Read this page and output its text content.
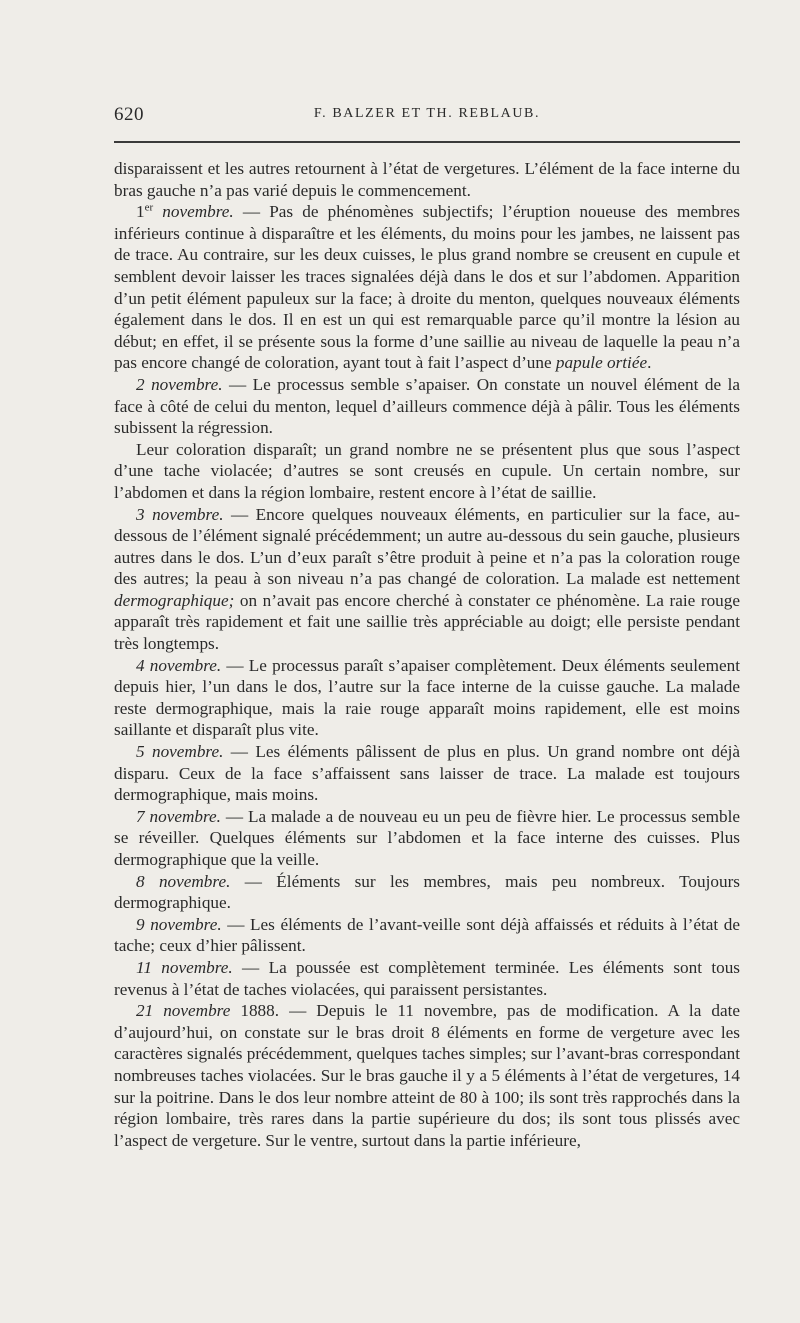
620	F. BALZER ET TH. REBLAUB.

disparaissent et les autres retournent à l’état de vergetures. L’élément de la face interne du bras gauche n’a pas varié depuis le commencement.

1er novembre. — Pas de phénomènes subjectifs; l’éruption noueuse des membres inférieurs continue à disparaître et les éléments, du moins pour les jambes, ne laissent pas de trace. Au contraire, sur les deux cuisses, le plus grand nombre se creusent en cupule et semblent devoir laisser les traces signalées déjà dans le dos et sur l’abdomen. Apparition d’un petit élément papuleux sur la face; à droite du menton, quelques nouveaux éléments également dans le dos. Il en est un qui est remarquable parce qu’il montre la lésion au début; en effet, il se présente sous la forme d’une saillie au niveau de laquelle la peau n’a pas encore changé de coloration, ayant tout à fait l’aspect d’une papule ortiée.

2 novembre. — Le processus semble s’apaiser. On constate un nouvel élément de la face à côté de celui du menton, lequel d’ailleurs commence déjà à pâlir. Tous les éléments subissent la régression.

Leur coloration disparaît; un grand nombre ne se présentent plus que sous l’aspect d’une tache violacée; d’autres se sont creusés en cupule. Un certain nombre, sur l’abdomen et dans la région lombaire, restent encore à l’état de saillie.

3 novembre. — Encore quelques nouveaux éléments, en particulier sur la face, au-dessous de l’élément signalé précédemment; un autre au-dessous du sein gauche, plusieurs autres dans le dos. L’un d’eux paraît s’être produit à peine et n’a pas la coloration rouge des autres; la peau à son niveau n’a pas changé de coloration. La malade est nettement dermographique; on n’avait pas encore cherché à constater ce phénomène. La raie rouge apparaît très rapidement et fait une saillie très appréciable au doigt; elle persiste pendant très longtemps.

4 novembre. — Le processus paraît s’apaiser complètement. Deux éléments seulement depuis hier, l’un dans le dos, l’autre sur la face interne de la cuisse gauche. La malade reste dermographique, mais la raie rouge apparaît moins rapidement, elle est moins saillante et disparaît plus vite.

5 novembre. — Les éléments pâlissent de plus en plus. Un grand nombre ont déjà disparu. Ceux de la face s’affaissent sans laisser de trace. La malade est toujours dermographique, mais moins.

7 novembre. — La malade a de nouveau eu un peu de fièvre hier. Le processus semble se réveiller. Quelques éléments sur l’abdomen et la face interne des cuisses. Plus dermographique que la veille.

8 novembre. — Éléments sur les membres, mais peu nombreux. Toujours dermographique.

9 novembre. — Les éléments de l’avant-veille sont déjà affaissés et réduits à l’état de tache; ceux d’hier pâlissent.

11 novembre. — La poussée est complètement terminée. Les éléments sont tous revenus à l’état de taches violacées, qui paraissent persistantes.

21 novembre 1888. — Depuis le 11 novembre, pas de modification. A la date d’aujourd’hui, on constate sur le bras droit 8 éléments en forme de vergeture avec les caractères signalés précédemment, quelques taches simples; sur l’avant-bras correspondant nombreuses taches violacées. Sur le bras gauche il y a 5 éléments à l’état de vergetures, 14 sur la poitrine. Dans le dos leur nombre atteint de 80 à 100; ils sont très rapprochés dans la région lombaire, très rares dans la partie supérieure du dos; ils sont tous plissés avec l’aspect de vergeture. Sur le ventre, surtout dans la partie inférieure,
